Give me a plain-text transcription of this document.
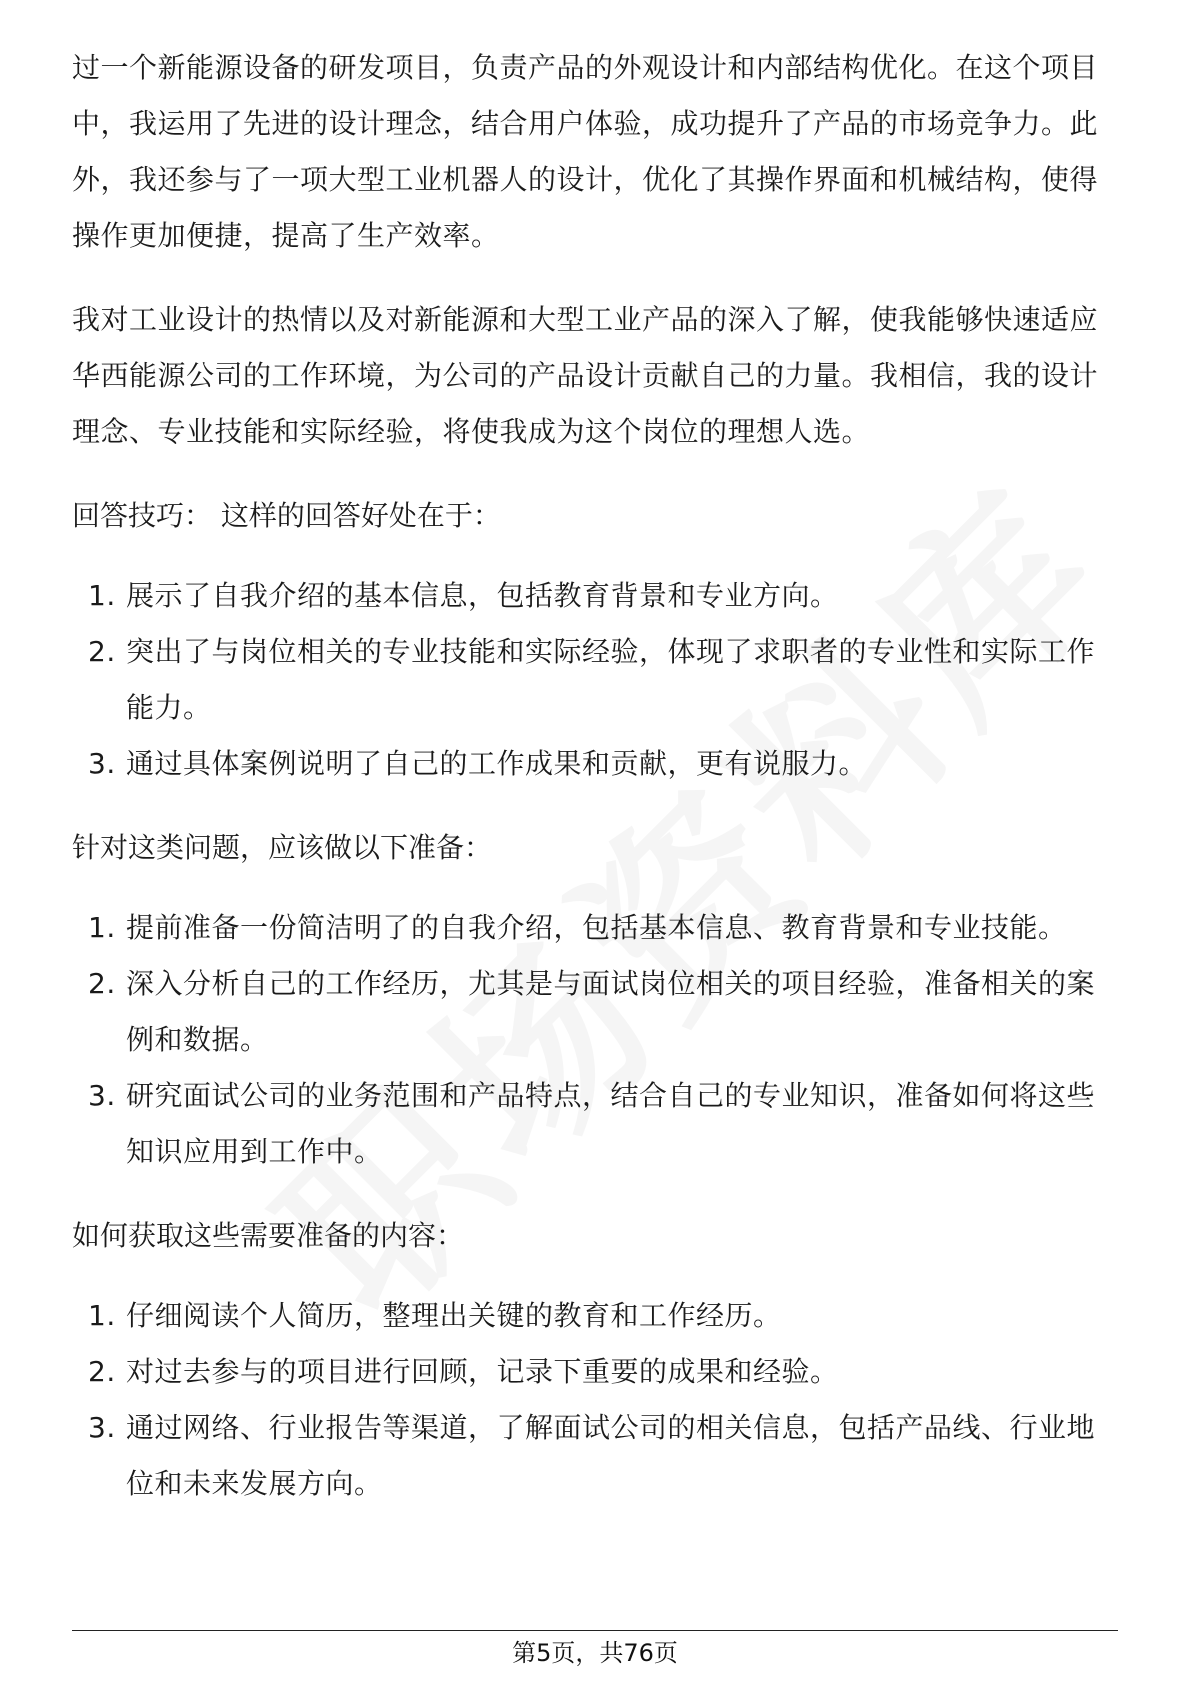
过一个新能源设备的研发项目，负责产品的外观设计和内部结构优化。在这个项目中，我运用了先进的设计理念，结合用户体验，成功提升了产品的市场竞争力。此外，我还参与了一项大型工业机器人的设计，优化了其操作界面和机械结构，使得操作更加便捷，提高了生产效率。

我对工业设计的热情以及对新能源和大型工业产品的深入了解，使我能够快速适应华西能源公司的工作环境，为公司的产品设计贡献自己的力量。我相信，我的设计理念、专业技能和实际经验，将使我成为这个岗位的理想人选。

回答技巧： 这样的回答好处在于：
1. 展示了自我介绍的基本信息，包括教育背景和专业方向。
2. 突出了与岗位相关的专业技能和实际经验，体现了求职者的专业性和实际工作能力。
3. 通过具体案例说明了自己的工作成果和贡献，更有说服力。
针对这类问题，应该做以下准备：
1. 提前准备一份简洁明了的自我介绍，包括基本信息、教育背景和专业技能。
2. 深入分析自己的工作经历，尤其是与面试岗位相关的项目经验，准备相关的案例和数据。
3. 研究面试公司的业务范围和产品特点，结合自己的专业知识，准备如何将这些知识应用到工作中。
如何获取这些需要准备的内容：
1. 仔细阅读个人简历，整理出关键的教育和工作经历。
2. 对过去参与的项目进行回顾，记录下重要的成果和经验。
3. 通过网络、行业报告等渠道，了解面试公司的相关信息，包括产品线、行业地位和未来发展方向。
第5页，共76页
